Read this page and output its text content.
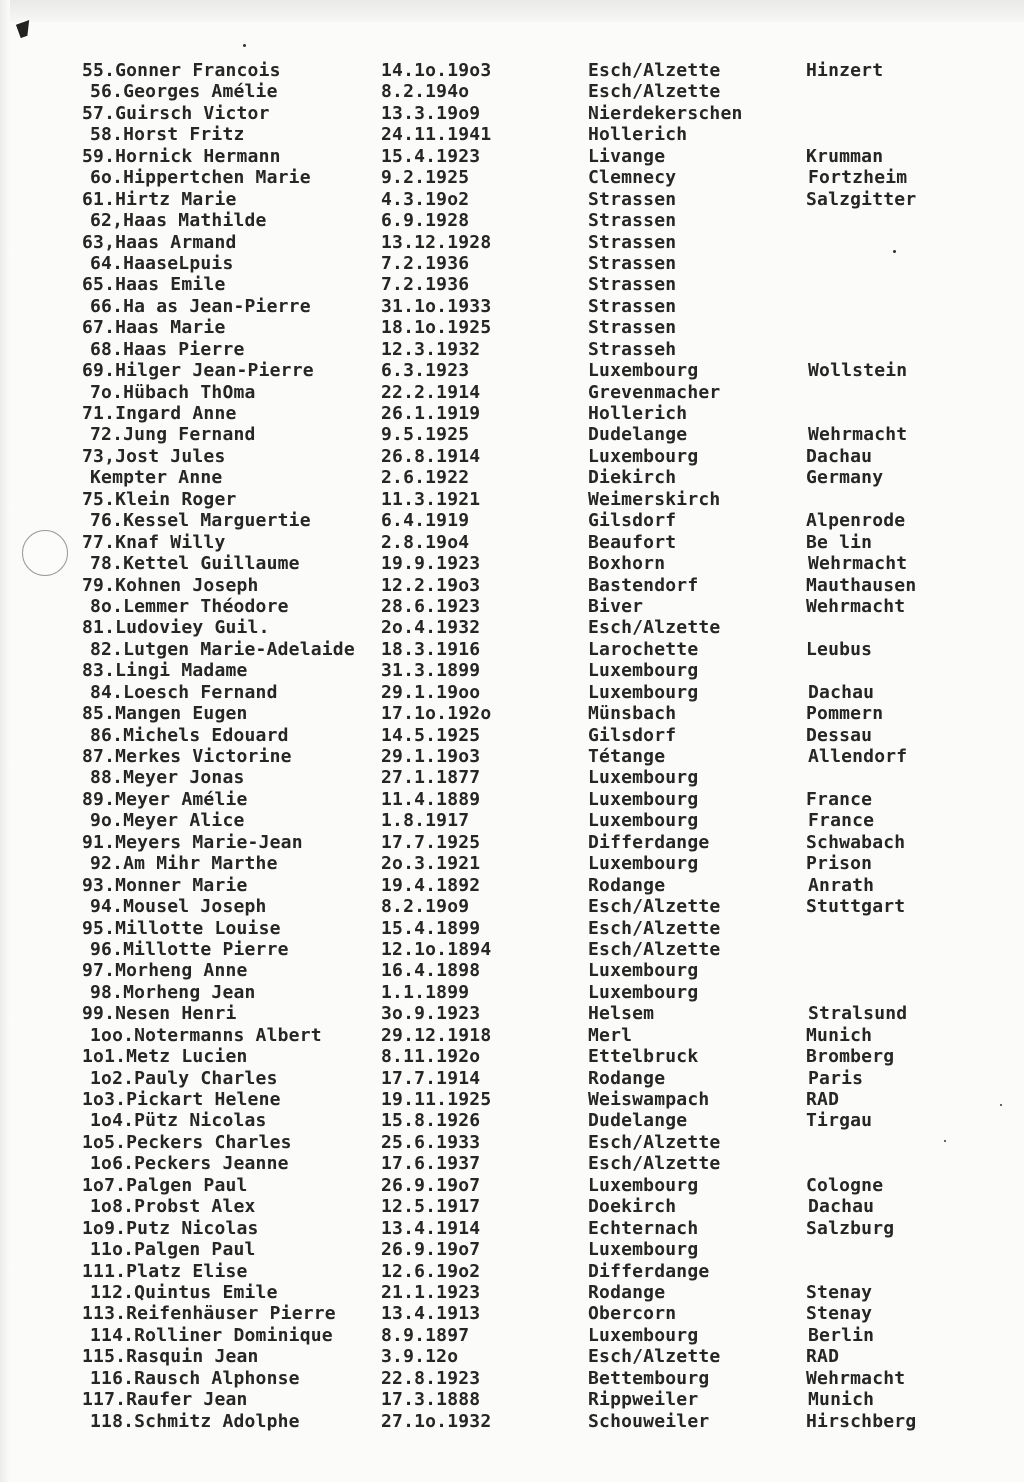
55.Gonner Francois	14.1o.19o3	Esch/Alzette	Hinzert
56.Georges Amélie	8.2.194o	Esch/Alzette
57.Guirsch Victor	13.3.19o9	Nierdekerschen
58.Horst Fritz	24.11.1941	Hollerich
59.Hornick Hermann	15.4.1923	Livange	Krumman
6o.Hippertchen Marie	9.2.1925	Clemnecy	Fortzheim
61.Hirtz Marie	4.3.19o2	Strassen	Salzgitter
62,Haas Mathilde	6.9.1928	Strassen
63,Haas Armand	13.12.1928	Strassen
64.HaaseLpuis	7.2.1936	Strassen
65.Haas Emile	7.2.1936	Strassen
66.Ha as Jean-Pierre	31.1o.1933	Strassen
67.Haas Marie	18.1o.1925	Strassen
68.Haas Pierre	12.3.1932	Strasseh
69.Hilger Jean-Pierre	6.3.1923	Luxembourg	Wollstein
7o.Hübach ThOma	22.2.1914	Grevenmacher
71.Ingard Anne	26.1.1919	Hollerich
72.Jung Fernand	9.5.1925	Dudelange	Wehrmacht
73,Jost Jules	26.8.1914	Luxembourg	Dachau
Kempter Anne	2.6.1922	Diekirch	Germany
75.Klein Roger	11.3.1921	Weimerskirch
76.Kessel Marguertie	6.4.1919	Gilsdorf	Alpenrode
77.Knaf Willy	2.8.19o4	Beaufort	Be lin
78.Kettel Guillaume	19.9.1923	Boxhorn	Wehrmacht
79.Kohnen Joseph	12.2.19o3	Bastendorf	Mauthausen
8o.Lemmer Théodore	28.6.1923	Biver	Wehrmacht
81.Ludoviey Guil.	2o.4.1932	Esch/Alzette
82.Lutgen Marie-Adelaide 18.3.1916	Larochette	Leubus
83.Lingi Madame	31.3.1899	Luxembourg
84.Loesch Fernand	29.1.19oo	Luxembourg	Dachau
85.Mangen Eugen	17.1o.192o	Münsbach	Pommern
86.Michels Edouard	14.5.1925	Gilsdorf	Dessau
87.Merkes Victorine	29.1.19o3	Tétange	Allendorf
88.Meyer Jonas	27.1.1877	Luxembourg
89.Meyer Amélie	11.4.1889	Luxembourg	France
9o.Meyer Alice	1.8.1917	Luxembourg	France
91.Meyers Marie-Jean	17.7.1925	Differdange	Schwabach
92.Am Mihr Marthe	2o.3.1921	Luxembourg	Prison
93.Monner Marie	19.4.1892	Rodange	Anrath
94.Mousel Joseph	8.2.19o9	Esch/Alzette	Stuttgart
95.Millotte Louise	15.4.1899	Esch/Alzette
96.Millotte Pierre	12.1o.1894	Esch/Alzette
97.Morheng Anne	16.4.1898	Luxembourg
98.Morheng Jean	1.1.1899	Luxembourg
99.Nesen Henri	3o.9.1923	Helsem	Stralsund
1oo.Notermanns Albert	29.12.1918	Merl	Munich
1o1.Metz Lucien	8.11.192o	Ettelbruck	Bromberg
1o2.Pauly Charles	17.7.1914	Rodange	Paris
1o3.Pickart Helene	19.11.1925	Weiswampach	RAD
1o4.Pütz Nicolas	15.8.1926	Dudelange	Tirgau
1o5.Peckers Charles	25.6.1933	Esch/Alzette
1o6.Peckers Jeanne	17.6.1937	Esch/Alzette
1o7.Palgen Paul	26.9.19o7	Luxembourg	Cologne
1o8.Probst Alex	12.5.1917	Doekirch	Dachau
1o9.Putz Nicolas	13.4.1914	Echternach	Salzburg
11o.Palgen Paul	26.9.19o7	Luxembourg
111.Platz Elise	12.6.19o2	Differdange
112.Quintus Emile	21.1.1923	Rodange	Stenay
113.Reifenhäuser Pierre	13.4.1913	Obercorn	Stenay
114.Rolliner Dominique	8.9.1897	Luxembourg	Berlin
115.Rasquin Jean	3.9.12o	Esch/Alzette	RAD
116.Rausch Alphonse	22.8.1923	Bettembourg	Wehrmacht
117.Raufer Jean	17.3.1888	Rippweiler	Munich
118.Schmitz Adolphe	27.1o.1932	Schouweiler	Hirschberg
